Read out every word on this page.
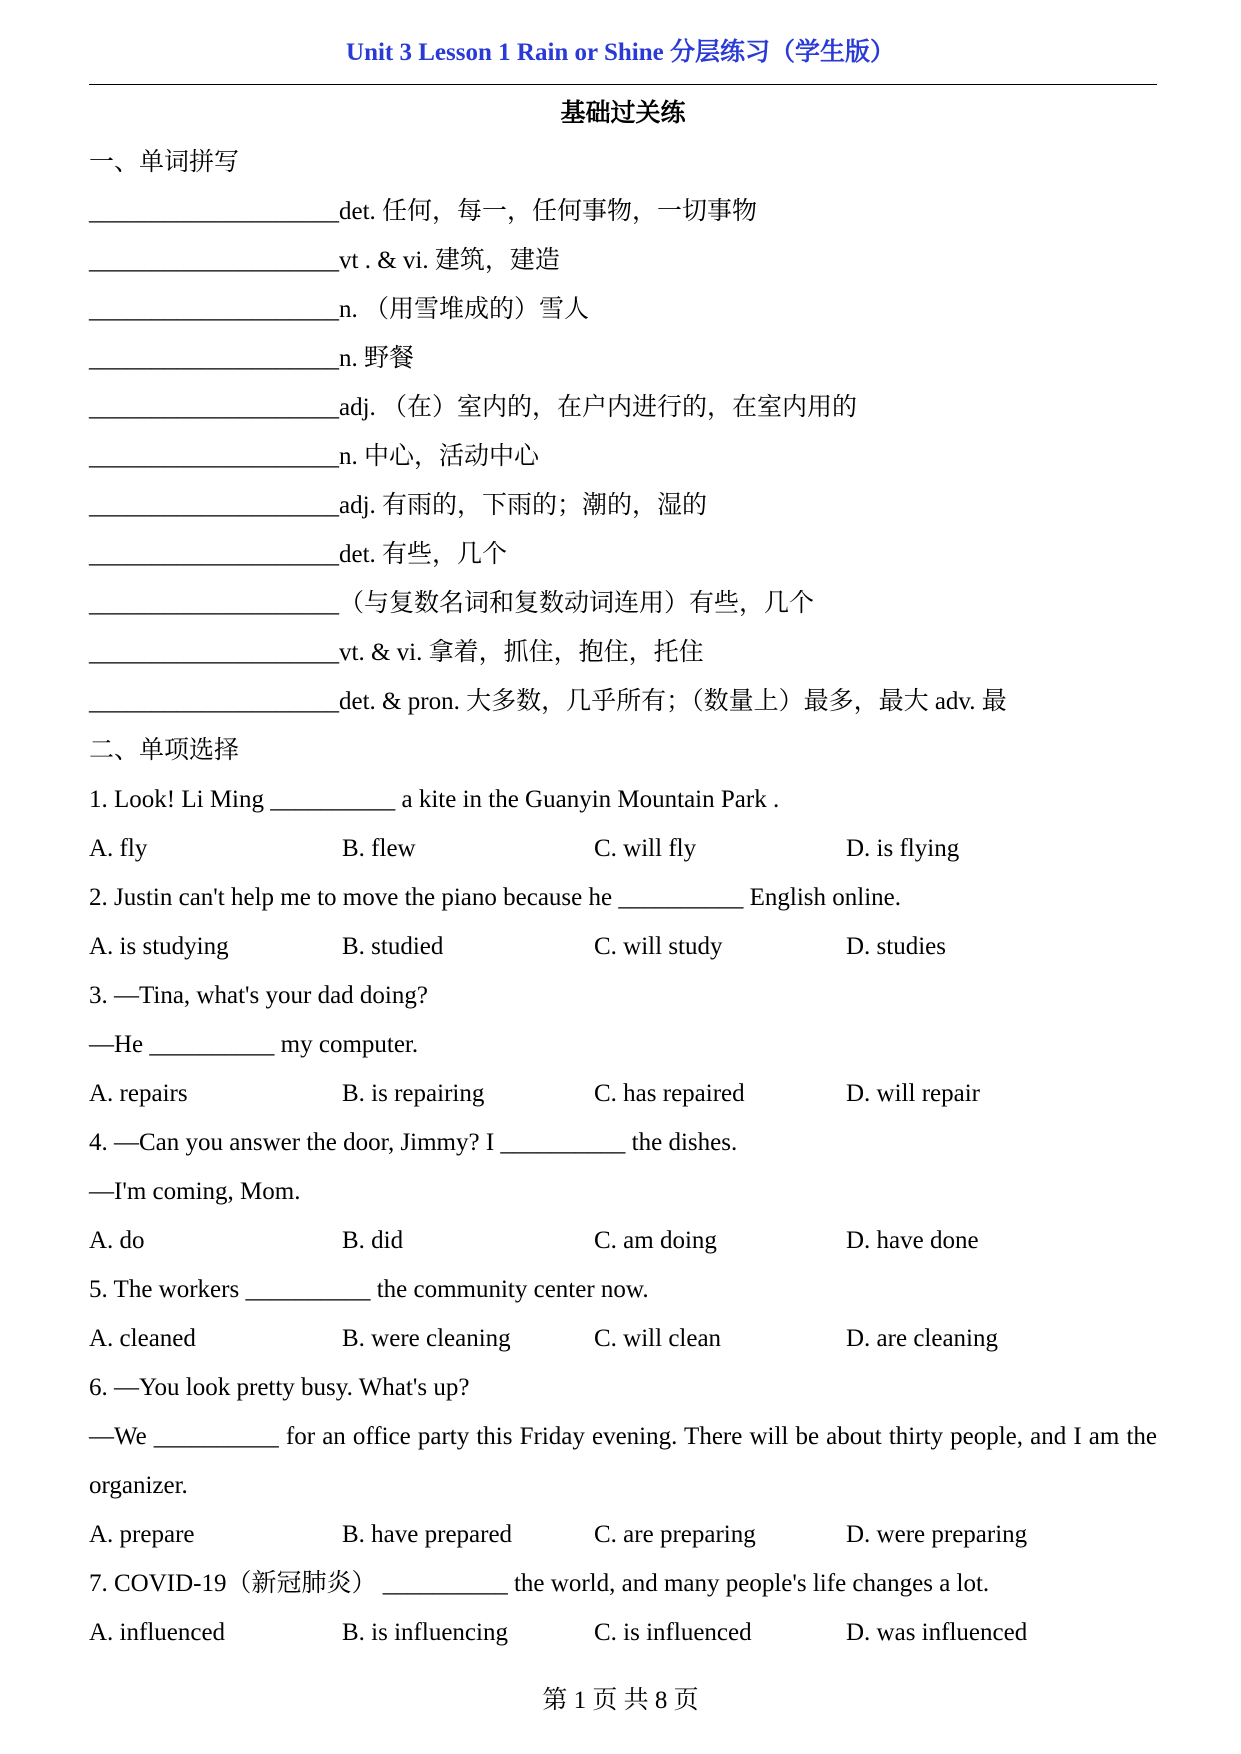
Unit 3 Lesson 1 Rain or Shine 分层练习（学生版）
基础过关练
一、单词拼写
____________________det. 任何，每一，任何事物，一切事物
____________________vt . & vi. 建筑，建造
____________________n. （用雪堆成的）雪人
____________________n. 野餐
____________________adj. （在）室内的，在户内进行的，在室内用的
____________________n. 中心，活动中心
____________________adj. 有雨的，下雨的；潮的，湿的
____________________det. 有些，几个
____________________（与复数名词和复数动词连用）有些，几个
____________________vt. & vi. 拿着，抓住，抱住，托住
____________________det. & pron. 大多数，几乎所有；（数量上）最多，最大 adv. 最
二、单项选择
1. Look! Li Ming __________ a kite in the Guanyin Mountain Park .
A. fly	B. flew	C. will fly	D. is flying
2. Justin can't help me to move the piano because he __________ English online.
A. is studying	B. studied	C. will study	D. studies
3. —Tina, what's your dad doing?
—He __________ my computer.
A. repairs	B. is repairing	C. has repaired	D. will repair
4. —Can you answer the door, Jimmy? I __________ the dishes.
—I'm coming, Mom.
A. do	B. did	C. am doing	D. have done
5. The workers __________ the community center now.
A. cleaned	B. were cleaning	C. will clean	D. are cleaning
6. —You look pretty busy. What's up?
—We __________ for an office party this Friday evening. There will be about thirty people, and I am the organizer.
A. prepare	B. have prepared	C. are preparing	D. were preparing
7. COVID-19（新冠肺炎） __________ the world, and many people's life changes a lot.
A. influenced	B. is influencing	C. is influenced	D. was influenced
第 1 页 共 8 页
